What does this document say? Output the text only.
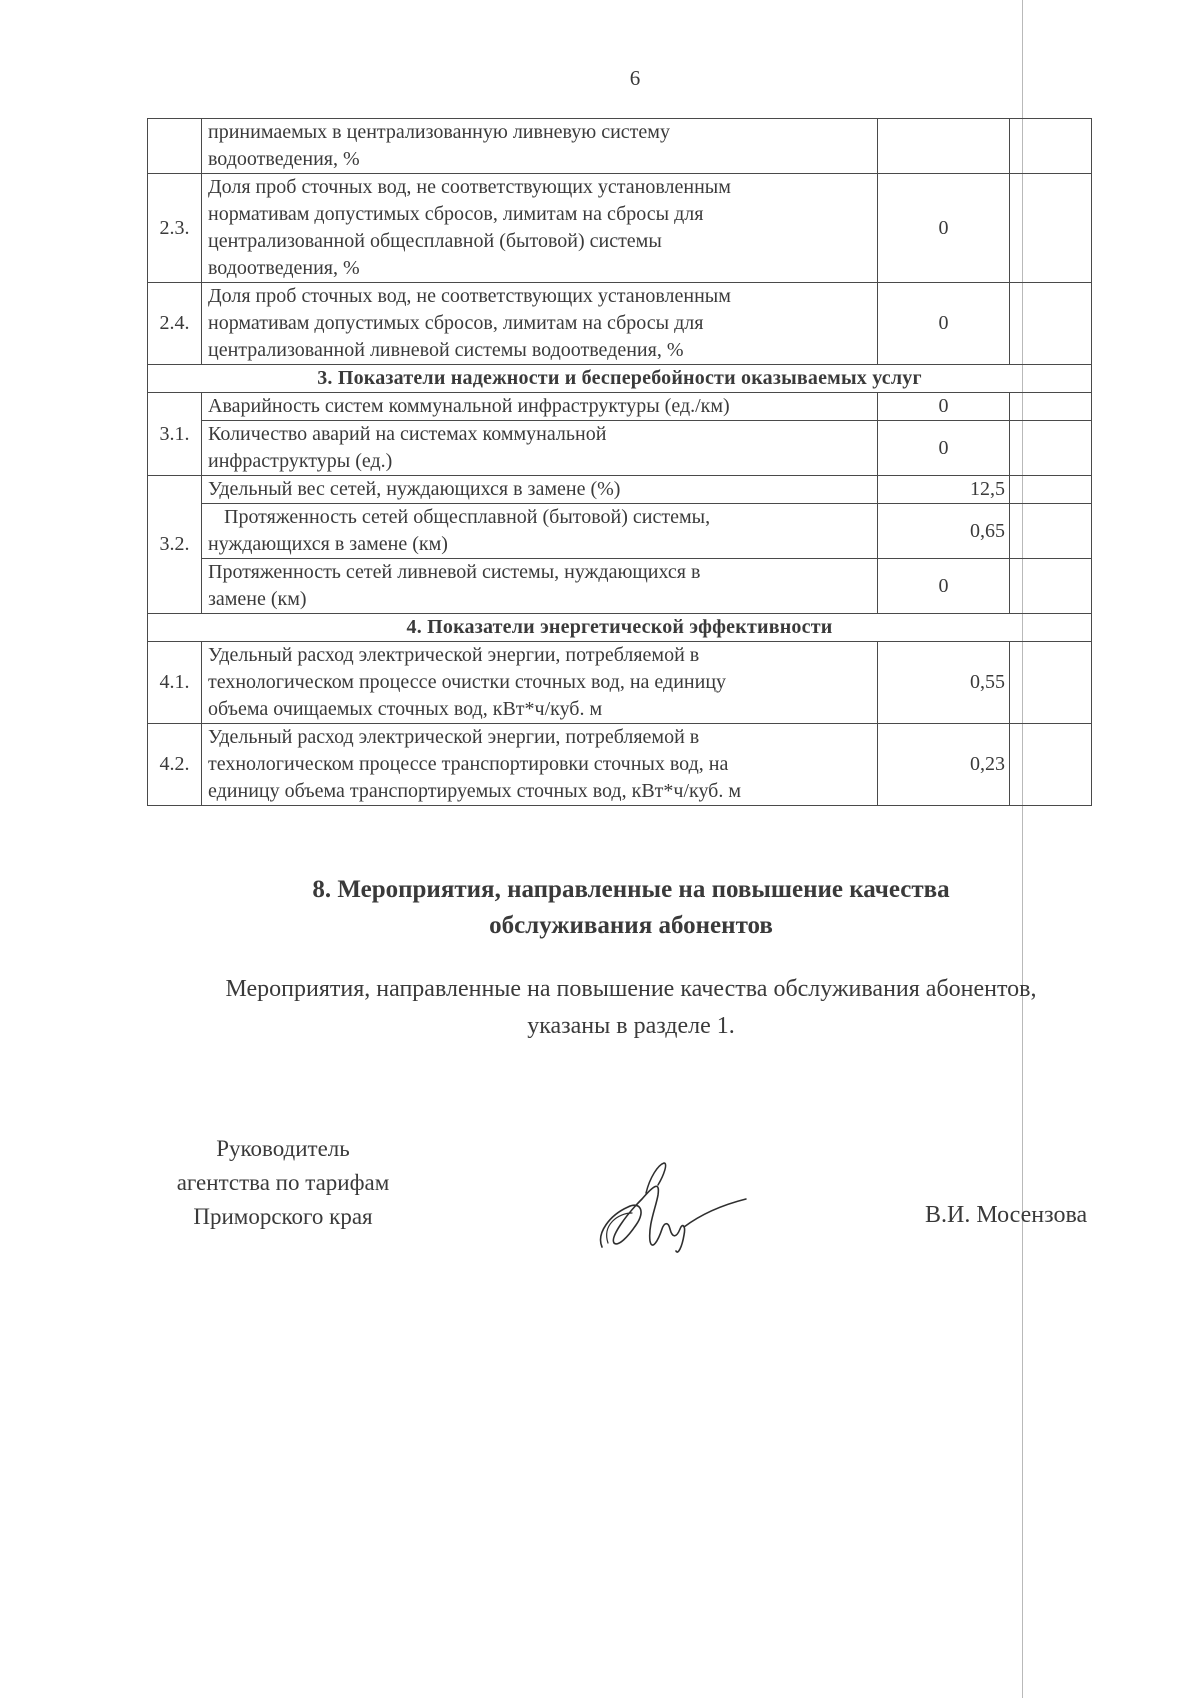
6

	принимаемых в централизованную ливневую систему
водоотведения, %		

2.3.	Доля проб сточных вод, не соответствующих установленным
нормативам допустимых сбросов, лимитам на сбросы для
централизованной общесплавной (бытовой) системы
водоотведения, %	0	
2.4.	Доля проб сточных вод, не соответствующих установленным
нормативам допустимых сбросов, лимитам на сбросы для
централизованной ливневой системы водоотведения, %	0	
3. Показатели надежности и бесперебойности оказываемых услуг			
3.1.	Аварийность систем коммунальной инфраструктуры (ед./км)	0	

	Количество аварий на системах коммунальной
инфраструктуры (ед.)	0	
3.2.	Удельный вес сетей, нуждающихся в замене (%)	12,5	

	Протяженность сетей общесплавной (бытовой) системы,
нуждающихся в замене (км)	0,65	

	Протяженность сетей ливневой системы, нуждающихся в
замене (км)	0	
4. Показатели энергетической эффективности			
4.1.	Удельный расход электрической энергии, потребляемой в
технологическом процессе очистки сточных вод, на единицу
объема очищаемых сточных вод, кВт*ч/куб. м	0,55	
4.2.	Удельный расход электрической энергии, потребляемой в
технологическом процессе транспортировки сточных вод, на
единицу объема транспортируемых сточных вод, кВт*ч/куб. м	0,23	
8. Мероприятия, направленные на повышение качества
обслуживания абонентов
Мероприятия, направленные на повышение качества обслуживания абонентов,
указаны в разделе 1.
Руководитель
агентства по тарифам
Приморского края	В.И. Мосензова
